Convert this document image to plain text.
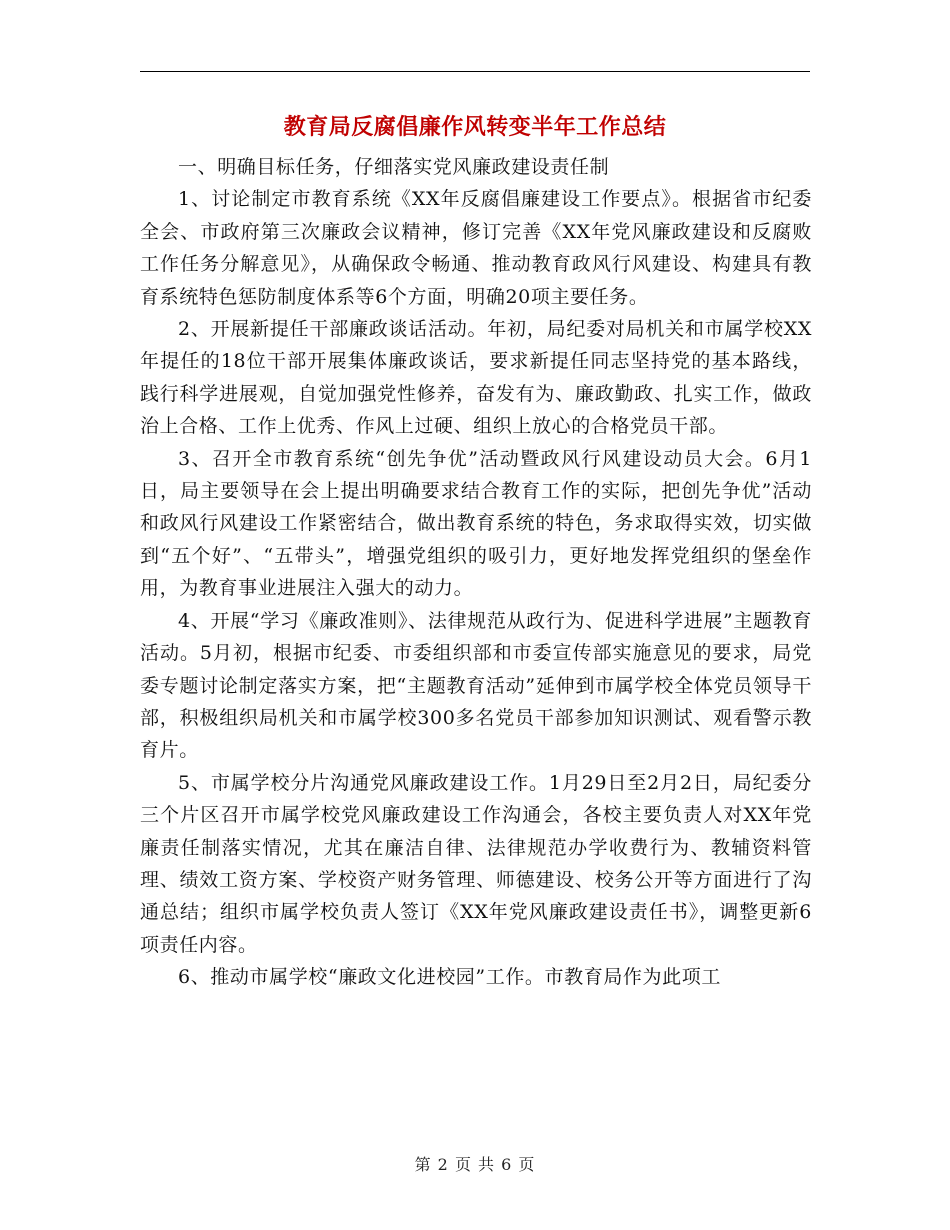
教育局反腐倡廉作风转变半年工作总结

一、明确目标任务，仔细落实党风廉政建设责任制

1、讨论制定市教育系统《XX年反腐倡廉建设工作要点》。根据省市纪委全会、市政府第三次廉政会议精神，修订完善《XX年党风廉政建设和反腐败工作任务分解意见》，从确保政令畅通、推动教育政风行风建设、构建具有教育系统特色惩防制度体系等6个方面，明确20项主要任务。

2、开展新提任干部廉政谈话活动。年初，局纪委对局机关和市属学校XX年提任的18位干部开展集体廉政谈话，要求新提任同志坚持党的基本路线，践行科学进展观，自觉加强党性修养，奋发有为、廉政勤政、扎实工作，做政治上合格、工作上优秀、作风上过硬、组织上放心的合格党员干部。

3、召开全市教育系统“创先争优”活动暨政风行风建设动员大会。6月1日，局主要领导在会上提出明确要求结合教育工作的实际，把创先争优”活动和政风行风建设工作紧密结合，做出教育系统的特色，务求取得实效，切实做到“五个好”、“五带头”，增强党组织的吸引力，更好地发挥党组织的堡垒作用，为教育事业进展注入强大的动力。

4、开展“学习《廉政准则》、法律规范从政行为、促进科学进展”主题教育活动。5月初，根据市纪委、市委组织部和市委宣传部实施意见的要求，局党委专题讨论制定落实方案，把“主题教育活动”延伸到市属学校全体党员领导干部，积极组织局机关和市属学校300多名党员干部参加知识测试、观看警示教育片。

5、市属学校分片沟通党风廉政建设工作。1月29日至2月2日，局纪委分三个片区召开市属学校党风廉政建设工作沟通会，各校主要负责人对XX年党廉责任制落实情况，尤其在廉洁自律、法律规范办学收费行为、教辅资料管理、绩效工资方案、学校资产财务管理、师德建设、校务公开等方面进行了沟通总结；组织市属学校负责人签订《XX年党风廉政建设责任书》，调整更新6项责任内容。

6、推动市属学校“廉政文化进校园”工作。市教育局作为此项工

第 2 页 共 6 页
